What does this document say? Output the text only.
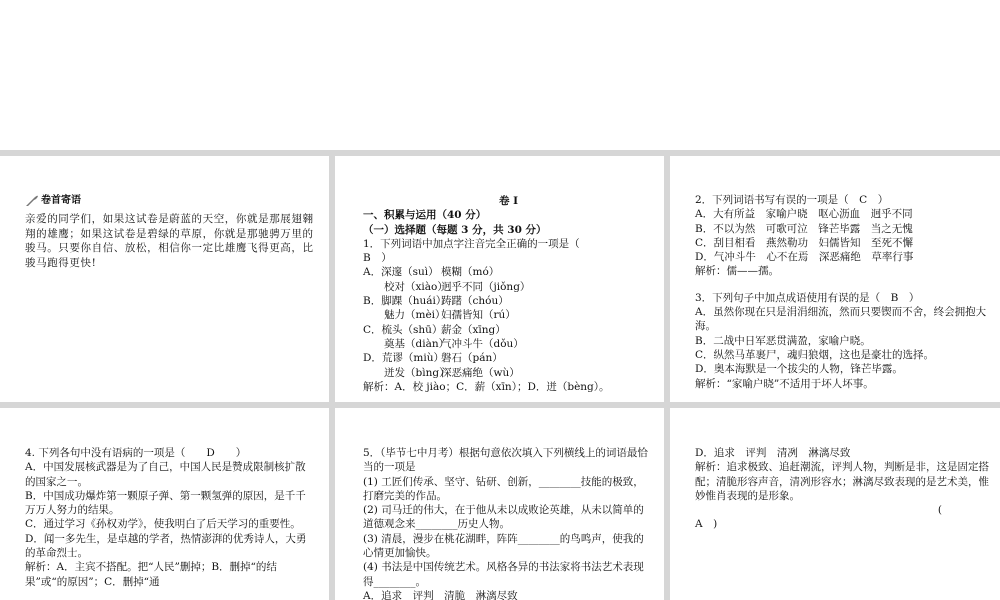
卷首寄语
亲爱的同学们，如果这试卷是蔚蓝的天空，你就是那展翅翱翔的雄鹰；如果这试卷是碧绿的草原，你就是那驰骋万里的骏马。只要你自信、放松，相信你一定比雄鹰飞得更高，比骏马跑得更快!
卷 I
一、积累与运用（40 分）
（一）选择题（每题 3 分，共 30 分）
1．下列词语中加点字注音完全正确的一项是（
B　）
A．深邃（suì） 模糊（mó）
　　校对（xiào）迥乎不同（jiǒng）
B．脚踝（huái）踌躇（chóu）
　　魅力（mèi）妇孺皆知（rú）
C．梳头（shū）薪金（xīng）
　　奠基（diàn）气冲斗牛（dǒu）
D．荒谬（miù）磐石（pán）
　　迸发（bìng）深恶痛绝（wù）
解析：A．校 jiào；C．薪（xīn）；D．迸（bèng）。
2．下列词语书写有误的一项是（　C　）
A．大有所益　家喻户晓　呕心沥血　迥乎不同
B．不以为然　可歌可泣　锋芒毕露　当之无愧
C．刮目相看　燕然勒功　妇儒皆知　至死不懈
D．气冲斗牛　心不在焉　深恶痛绝　草率行事
解析：儒——孺。
3．下列句子中加点成语使用有误的是（　B　）
A．虽然你现在只是涓涓细流，然而只要锲而不舍，终会拥抱大海。
B．二战中日军恶贯满盈，家喻户晓。
C．纵然马革裹尸，魂归狼烟，这也是豪壮的选择。
D．奥本海默是一个拔尖的人物，锋芒毕露。
解析：“家喻户晓”不适用于坏人坏事。
4. 下列各句中没有语病的一项是（　　D　　）
A．中国发展核武器是为了自己，中国人民是赞成限制核扩散的国家之一。
B．中国成功爆炸第一颗原子弹、第一颗氢弹的原因，是千千万万人努力的结果。
C．通过学习《孙权劝学》，使我明白了后天学习的重要性。
D．闻一多先生，是卓越的学者，热情澎湃的优秀诗人，大勇的革命烈士。
解析：A．主宾不搭配。把“人民”删掉；B．删掉“的结果”或“的原因”；C．删掉“通
5．（毕节七中月考）根据句意依次填入下列横线上的词语最恰当的一项是
(1) 工匠们传承、坚守、钻研、创新，________技能的极致，打磨完美的作品。
(2) 司马迁的伟大，在于他从未以成败论英雄，从未以简单的道德观念来________历史人物。
(3) 清晨，漫步在桃花湖畔，阵阵________的鸟鸣声，使我的心情更加愉快。
(4) 书法是中国传统艺术。风格各异的书法家将书法艺术表现得________。
A．追求　评判　清脆　淋漓尽致
D．追求　评判　清冽　淋漓尽致
解析：追求极致、追赶潮流，评判人物，判断是非，这是固定搭配；清脆形容声音，清冽形容水；淋漓尽致表现的是艺术美，惟妙惟肖表现的是形象。
(
A　)
